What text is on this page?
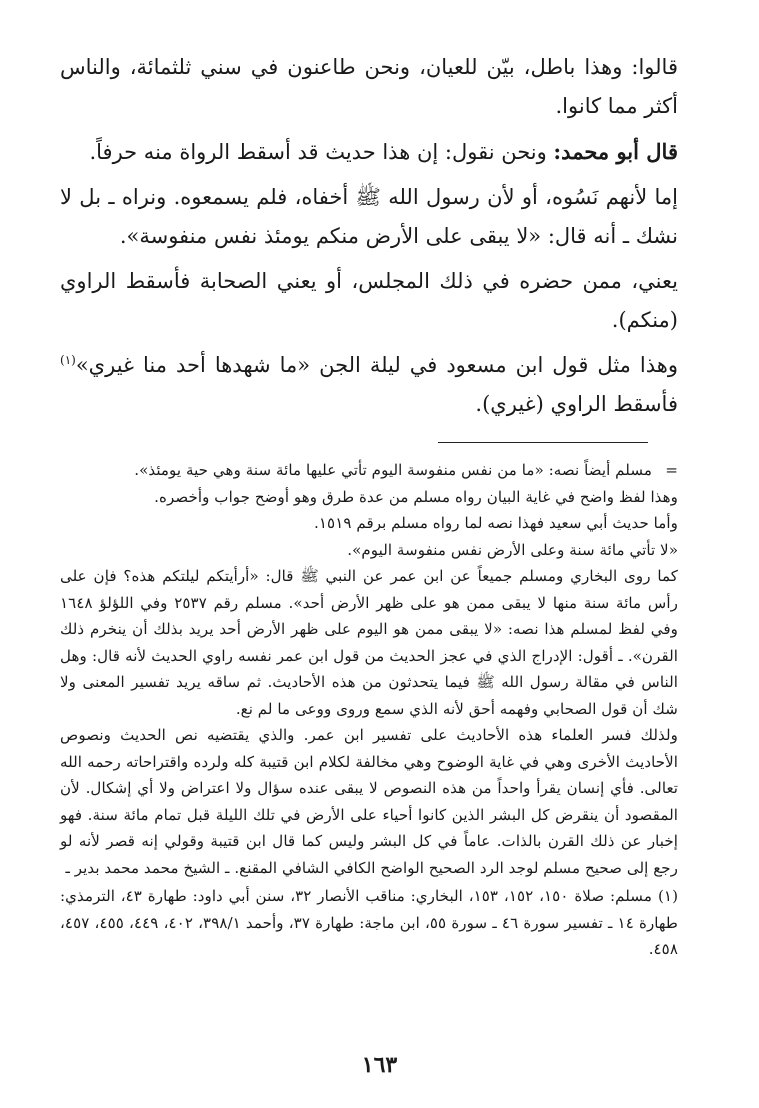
قالوا: وهذا باطل، بيّن للعيان، ونحن طاعنون في سني ثلثمائة، والناس أكثر مما كانوا.

قال أبو محمد: ونحن نقول: إن هذا حديث قد أسقط الرواة منه حرفاً.

إما لأنهم نَسُوه، أو لأن رسول الله ﷺ أخفاه، فلم يسمعوه. ونراه ـ بل لا نشك ـ أنه قال: «لا يبقى على الأرض منكم يومئذ نفس منفوسة».

يعني، ممن حضره في ذلك المجلس، أو يعني الصحابة فأسقط الراوي (منكم).

وهذا مثل قول ابن مسعود في ليلة الجن «ما شهدها أحد منا غيري»$^{(١)}$ فأسقط الراوي (غيري).

=مسلم أيضاً نصه: «ما من نفس منفوسة اليوم تأتي عليها مائة سنة وهي حية يومئذ».
وهذا لفظ واضح في غاية البيان رواه مسلم من عدة طرق وهو أوضح جواب وأخصره.
وأما حديث أبي سعيد فهذا نصه لما رواه مسلم برقم ١٥١٩.
«لا تأتي مائة سنة وعلى الأرض نفس منفوسة اليوم».
كما روى البخاري ومسلم جميعاً عن ابن عمر عن النبي ﷺ قال: «أرأيتكم ليلتكم هذه؟ فإن على رأس مائة سنة منها لا يبقى ممن هو على ظهر الأرض أحد». مسلم رقم ٢٥٣٧ وفي اللؤلؤ ١٦٤٨ وفي لفظ لمسلم هذا نصه: «لا يبقى ممن هو اليوم على ظهر الأرض أحد يريد بذلك أن ينخرم ذلك القرن». ـ أقول: الإدراج الذي في عجز الحديث من قول ابن عمر نفسه راوي الحديث لأنه قال: وهل الناس في مقالة رسول الله ﷺ فيما يتحدثون من هذه الأحاديث. ثم ساقه يريد تفسير المعنى ولا شك أن قول الصحابي وفهمه أحق لأنه الذي سمع وروى ووعى ما لم نع.
ولذلك فسر العلماء هذه الأحاديث على تفسير ابن عمر. والذي يقتضيه نص الحديث ونصوص الأحاديث الأخرى وهي في غاية الوضوح وهي مخالفة لكلام ابن قتيبة كله ولرده واقتراحاته رحمه الله تعالى. فأي إنسان يقرأ واحداً من هذه النصوص لا يبقى عنده سؤال ولا اعتراض ولا أي إشكال. لأن المقصود أن ينقرض كل البشر الذين كانوا أحياء على الأرض في تلك الليلة قبل تمام مائة سنة. فهو إخبار عن ذلك القرن بالذات. عاماً في كل البشر وليس كما قال ابن قتيبة وقولي إنه قصر لأنه لو رجع إلى صحيح مسلم لوجد الرد الصحيح الواضح الكافي الشافي المقنع. ـ الشيخ محمد محمد بدير ـ
(١)مسلم: صلاة ١٥٠، ١٥٢، ١٥٣، البخاري: مناقب الأنصار ٣٢، سنن أبي داود: طهارة ٤٣، الترمذي: طهارة ١٤ ـ تفسير سورة ٤٦ ـ سورة ٥٥، ابن ماجة: طهارة ٣٧، وأحمد ٣٩٨/١، ٤٠٢، ٤٤٩، ٤٥٥، ٤٥٧، ٤٥٨.
١٦٣
